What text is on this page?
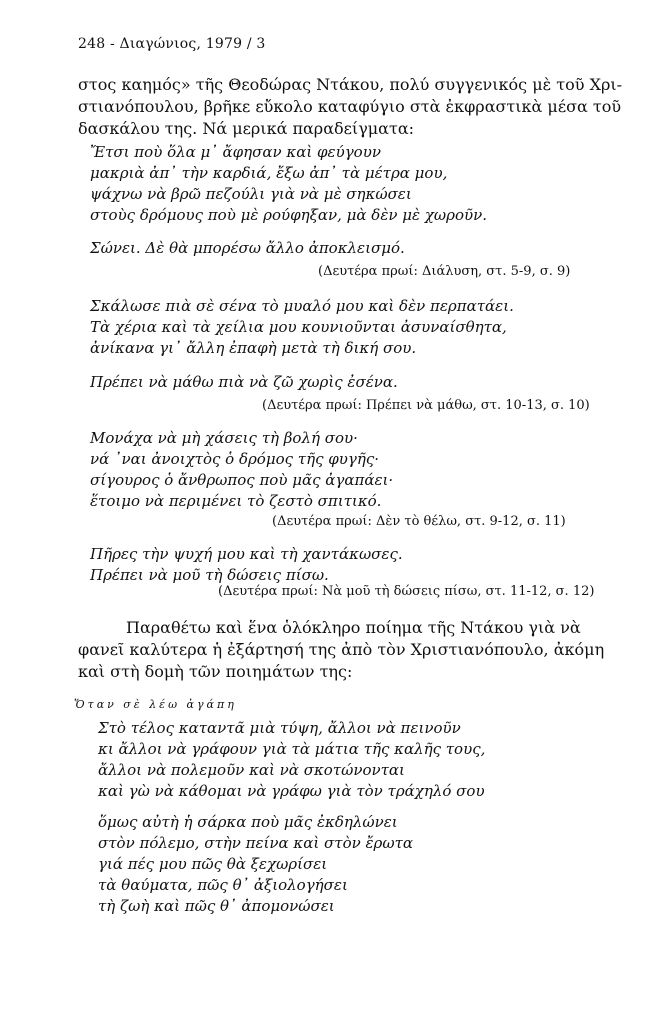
248 - Διαγώνιος, 1979 / 3
στος καημός» τῆς Θεοδώρας Ντάκου, πολύ συγγενικός μὲ τοῦ Χρι-
στιανόπουλου, βρῆκε εὔκολο καταφύγιο στὰ ἐκφραστικὰ μέσα τοῦ
δασκάλου της. Νά μερικά παραδείγματα:
Ἔτσι ποὺ ὅλα μ᾽ ἄφησαν καὶ φεύγουν
μακριὰ ἀπ᾽ τὴν καρδιά, ἔξω ἀπ᾽ τὰ μέτρα μου,
ψάχνω νὰ βρῶ πεζούλι γιὰ νὰ μὲ σηκώσει
στοὺς δρόμους ποὺ μὲ ρούφηξαν, μὰ δὲν μὲ χωροῦν.
Σώνει. Δὲ θὰ μπορέσω ἄλλο ἀποκλεισμό.
(Δευτέρα πρωί: Διάλυση, στ. 5-9, σ. 9)
Σκάλωσε πιὰ σὲ σένα τὸ μυαλό μου καὶ δὲν περπατάει.
Τὰ χέρια καὶ τὰ χείλια μου κουνιοῦνται ἀσυναίσθητα,
ἀνίκανα γι᾽ ἄλλη ἐπαφὴ μετὰ τὴ δική σου.
Πρέπει νὰ μάθω πιὰ νὰ ζῶ χωρὶς ἐσένα.
(Δευτέρα πρωί: Πρέπει νὰ μάθω, στ. 10-13, σ. 10)
Μονάχα νὰ μὴ χάσεις τὴ βολή σου·
νά ᾽ναι ἀνοιχτὸς ὁ δρόμος τῆς φυγῆς·
σίγουρος ὁ ἄνθρωπος ποὺ μᾶς ἀγαπάει·
ἕτοιμο νὰ περιμένει τὸ ζεστὸ σπιτικό.
(Δευτέρα πρωί: Δὲν τὸ θέλω, στ. 9-12, σ. 11)
Πῆρες τὴν ψυχή μου καὶ τὴ χαντάκωσες.
Πρέπει νὰ μοῦ τὴ δώσεις πίσω.
(Δευτέρα πρωί: Νὰ μοῦ τὴ δώσεις πίσω, στ. 11-12, σ. 12)
Παραθέτω καὶ ἕνα ὁλόκληρο ποίημα τῆς Ντάκου γιὰ νὰ
φανεῖ καλύτερα ἡ ἐξάρτησή της ἀπὸ τὸν Χριστιανόπουλο, ἀκόμη
καὶ στὴ δομὴ τῶν ποιημάτων της:
Ὅταν σὲ λέω ἀγάπη
Στὸ τέλος καταντᾶ μιὰ τύψη, ἄλλοι νὰ πεινοῦν
κι ἄλλοι νὰ γράφουν γιὰ τὰ μάτια τῆς καλῆς τους,
ἄλλοι νὰ πολεμοῦν καὶ νὰ σκοτώνονται
καὶ γὼ νὰ κάθομαι νὰ γράφω γιὰ τὸν τράχηλό σου
ὅμως αὐτὴ ἡ σάρκα ποὺ μᾶς ἐκδηλώνει
στὸν πόλεμο, στὴν πείνα καὶ στὸν ἔρωτα
γιά πές μου πῶς θὰ ξεχωρίσει
τὰ θαύματα, πῶς θ᾽ ἀξιολογήσει
τὴ ζωὴ καὶ πῶς θ᾽ ἀπομονώσει
